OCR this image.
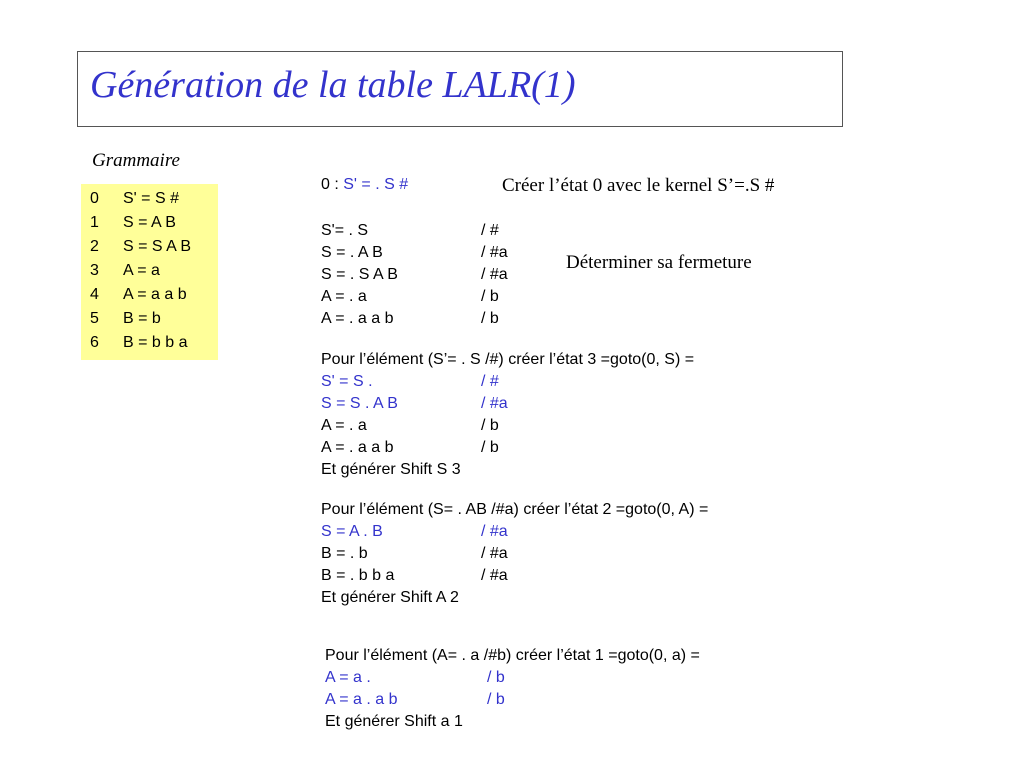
Génération de la table LALR(1)
Grammaire
0 S' = S #
1 S = A B
2 S = S A B
3 A = a
4 A = a a b
5 B = b
6 B = b b a
0 : S' = . S #	Créer l’état 0 avec le kernel S’=.S #
Déterminer sa fermeture
S'= . S	/ #
S = . A B	/ #a
S = . S A B	/ #a
A = . a	/ b
A = . a a b	/ b
Pour l’élément (S’= . S /#) créer l’état 3 =goto(0, S) =
S' = S .	/ #
S = S . A B	/ #a
A = . a	/ b
A = . a a b	/ b
Et générer Shift S 3
Pour l’élément (S= . AB /#a) créer l’état 2 =goto(0, A) =
S = A . B	/ #a
B = . b	/ #a
B = . b b a	/ #a
Et générer Shift A 2
Pour l’élément (A= . a /#b) créer l’état 1 =goto(0, a) =
A = a .	/ b
A = a . a b	/ b
Et générer Shift a 1
